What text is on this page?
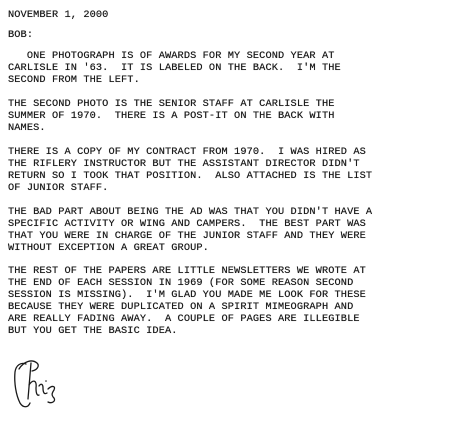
NOVEMBER 1, 2000
BOB:
ONE PHOTOGRAPH IS OF AWARDS FOR MY SECOND YEAR AT
CARLISLE IN '63.  IT IS LABELED ON THE BACK.  I'M THE
SECOND FROM THE LEFT.
THE SECOND PHOTO IS THE SENIOR STAFF AT CARLISLE THE
SUMMER OF 1970.  THERE IS A POST-IT ON THE BACK WITH
NAMES.
THERE IS A COPY OF MY CONTRACT FROM 1970.  I WAS HIRED AS
THE RIFLERY INSTRUCTOR BUT THE ASSISTANT DIRECTOR DIDN'T
RETURN SO I TOOK THAT POSITION.  ALSO ATTACHED IS THE LIST
OF JUNIOR STAFF.
THE BAD PART ABOUT BEING THE AD WAS THAT YOU DIDN'T HAVE A
SPECIFIC ACTIVITY OR WING AND CAMPERS.  THE BEST PART WAS
THAT YOU WERE IN CHARGE OF THE JUNIOR STAFF AND THEY WERE
WITHOUT EXCEPTION A GREAT GROUP.
THE REST OF THE PAPERS ARE LITTLE NEWSLETTERS WE WROTE AT
THE END OF EACH SESSION IN 1969 (FOR SOME REASON SECOND
SESSION IS MISSING).  I'M GLAD YOU MADE ME LOOK FOR THESE
BECAUSE THEY WERE DUPLICATED ON A SPIRIT MIMEOGRAPH AND
ARE REALLY FADING AWAY.  A COUPLE OF PAGES ARE ILLEGIBLE
BUT YOU GET THE BASIC IDEA.
